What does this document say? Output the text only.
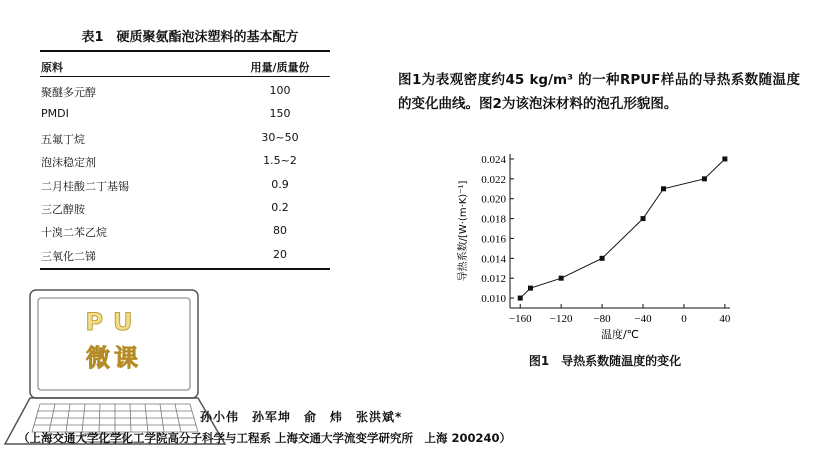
表1　硬质聚氨酯泡沫塑料的基本配方
原料	用量/质量份
聚醚多元醇	100
PMDI	150
五氟丁烷	30~50
泡沫稳定剂	1.5~2
二月桂酸二丁基锡	0.9
三乙醇胺	0.2
十溴二苯乙烷	80
三氧化二锑	20
图1为表观密度约45 kg/m³ 的一种RPUF样品的导热系数随温度的变化曲线。图2为该泡沫材料的泡孔形貌图。
−160 −120 −80 −40	0	40
0.010
0.012
0.014
0.016
0.018
0.020
0.022
0.024
温度/℃
导热系数/[W·(m·K)⁻¹]
图1　导热系数随温度的变化
PU
微课
孙小伟　孙军坤　俞　炜　张洪斌*
（上海交通大学化学化工学院高分子科学与工程系 上海交通大学流变学研究所　上海 200240）
